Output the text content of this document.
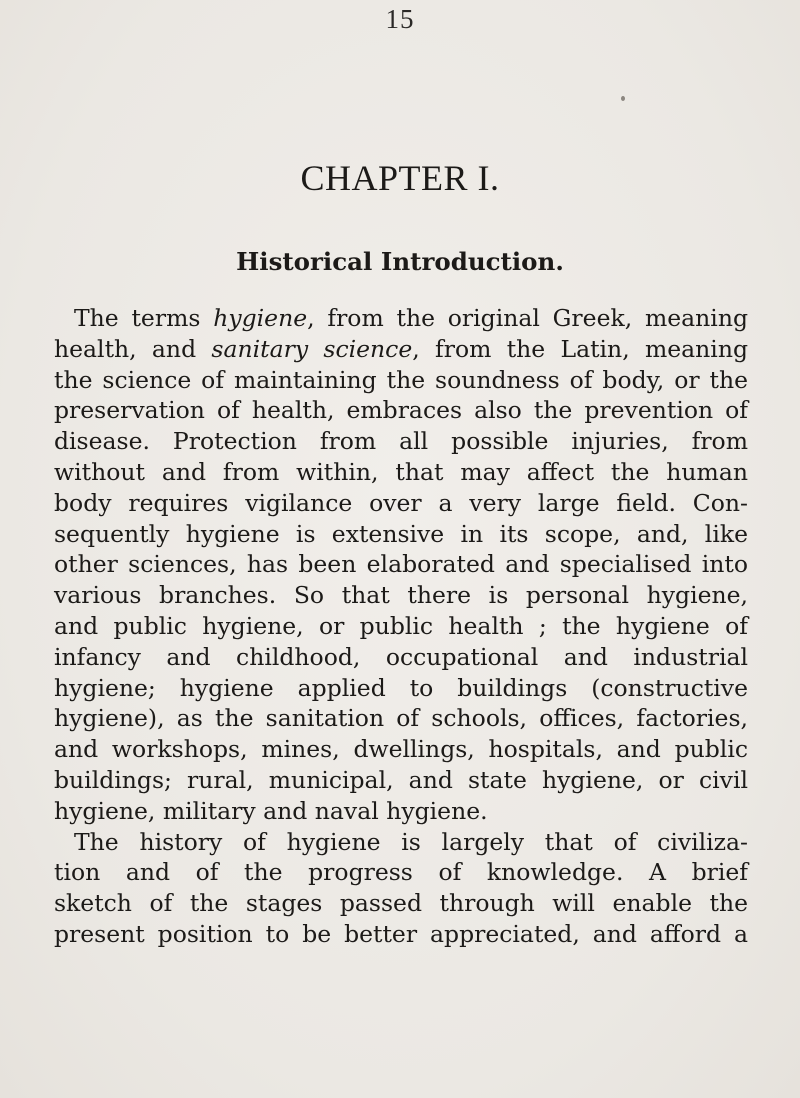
15
CHAPTER I.
Historical Introduction.
The terms hygiene, from the original Greek, meaning
health, and sanitary science, from the Latin, meaning
the science of maintaining the soundness of body, or the
preservation of health, embraces also the prevention of
disease. Protection from all possible injuries, from
without and from within, that may affect the human
body requires vigilance over a very large field. Con-
sequently hygiene is extensive in its scope, and, like
other sciences, has been elaborated and specialised into
various branches. So that there is personal hygiene,
and public hygiene, or public health ; the hygiene of
infancy and childhood, occupational and industrial
hygiene; hygiene applied to buildings (constructive
hygiene), as the sanitation of schools, offices, factories,
and workshops, mines, dwellings, hospitals, and public
buildings; rural, municipal, and state hygiene, or civil
hygiene, military and naval hygiene.
The history of hygiene is largely that of civiliza-
tion and of the progress of knowledge. A brief
sketch of the stages passed through will enable the
present position to be better appreciated, and afford a
